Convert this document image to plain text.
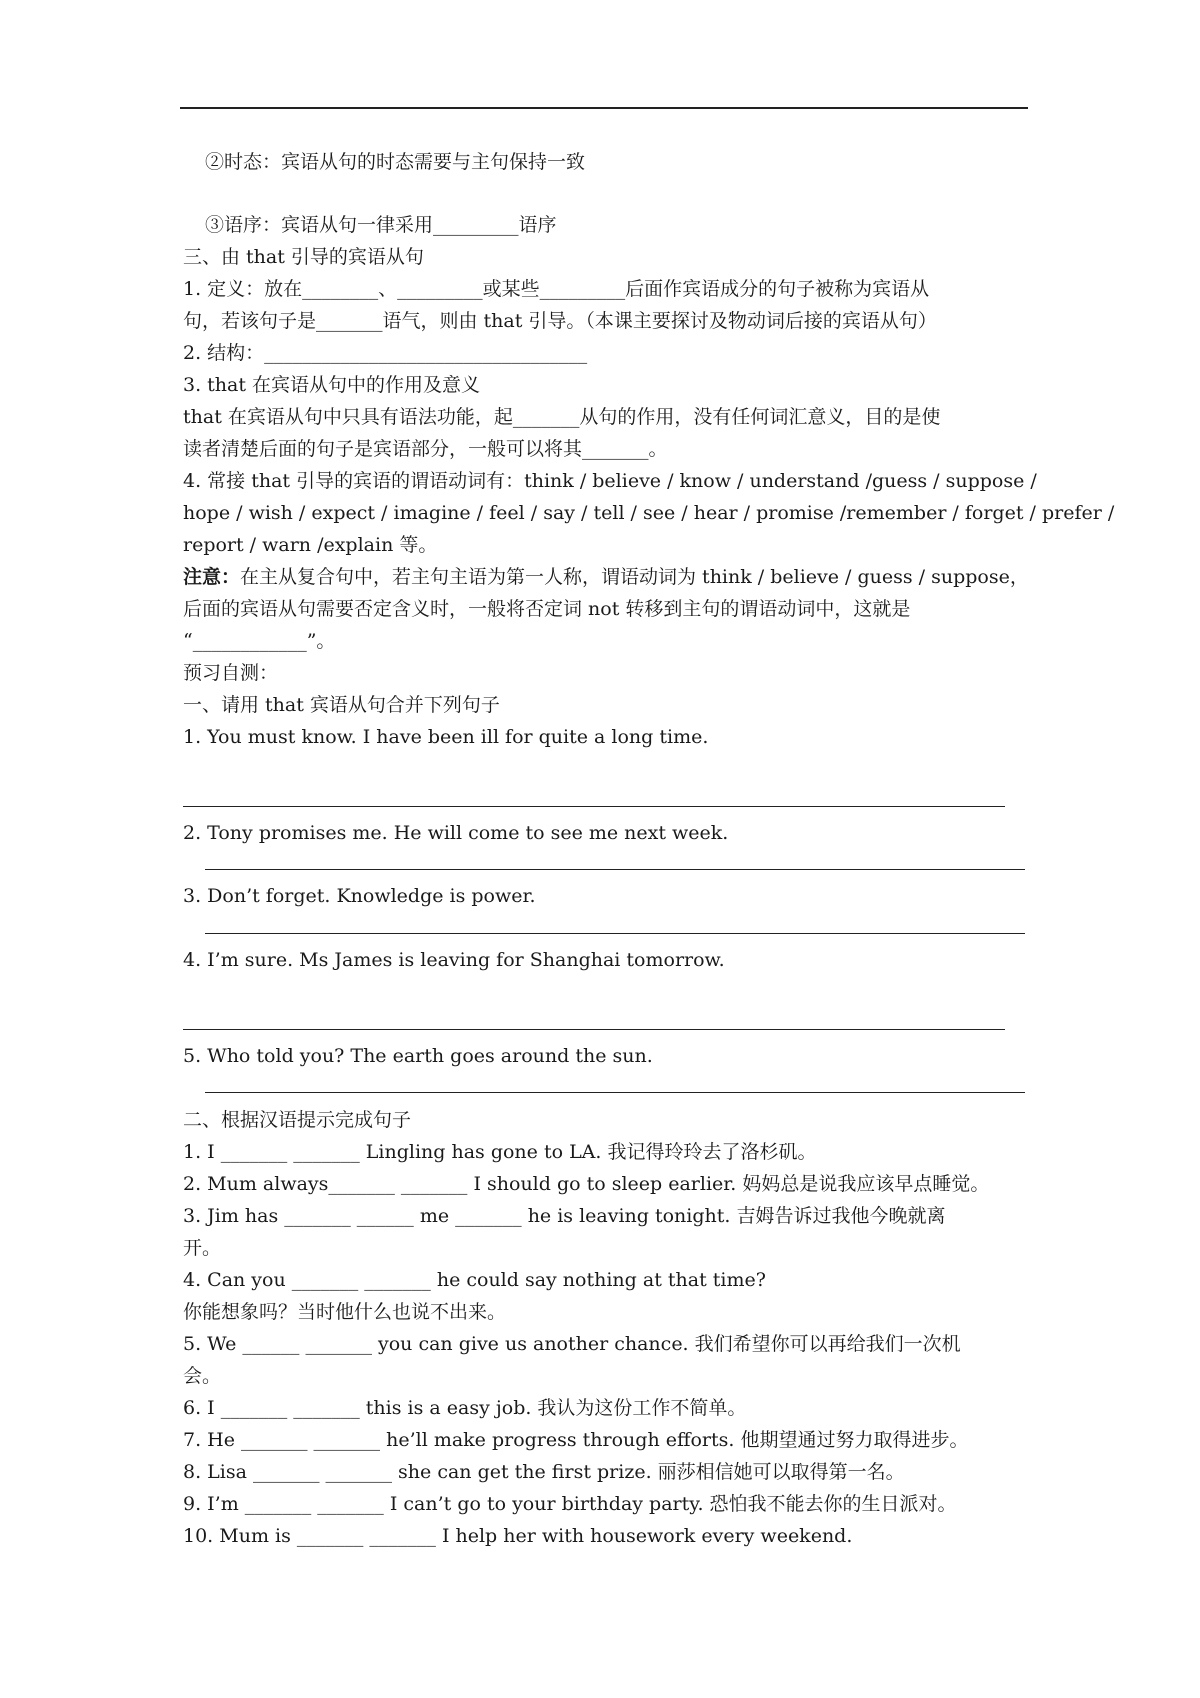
②时态：宾语从句的时态需要与主句保持一致
③语序：宾语从句一律采用_________语序
三、由 that 引导的宾语从句
1. 定义：放在________、_________或某些_________后面作宾语成分的句子被称为宾语从
句，若该句子是_______语气，则由 that 引导。（本课主要探讨及物动词后接的宾语从句）
2. 结构：__________________________________
3. that 在宾语从句中的作用及意义
that 在宾语从句中只具有语法功能，起_______从句的作用，没有任何词汇意义，目的是使
读者清楚后面的句子是宾语部分，一般可以将其_______。
4. 常接 that 引导的宾语的谓语动词有：think / believe / know / understand /guess / suppose /
hope / wish / expect / imagine / feel / say / tell / see / hear / promise /remember / forget / prefer /
report / warn /explain 等。
注意：在主从复合句中，若主句主语为第一人称，谓语动词为 think / believe / guess / suppose，
后面的宾语从句需要否定含义时，一般将否定词 not 转移到主句的谓语动词中，这就是
“____________”。
预习自测：
一、请用 that 宾语从句合并下列句子
1. You must know. I have been ill for quite a long time.
2. Tony promises me. He will come to see me next week.
3. Don’t forget. Knowledge is power.
4. I’m sure. Ms James is leaving for Shanghai tomorrow.
5. Who told you? The earth goes around the sun.
二、根据汉语提示完成句子
1. I _______ _______ Lingling has gone to LA. 我记得玲玲去了洛杉矶。
2. Mum always_______ _______ I should go to sleep earlier. 妈妈总是说我应该早点睡觉。
3. Jim has _______ ______ me _______ he is leaving tonight. 吉姆告诉过我他今晚就离
开。
4. Can you _______ _______ he could say nothing at that time?
你能想象吗？当时他什么也说不出来。
5. We ______ _______ you can give us another chance. 我们希望你可以再给我们一次机
会。
6. I _______ _______ this is a easy job. 我认为这份工作不简单。
7. He _______ _______ he’ll make progress through efforts. 他期望通过努力取得进步。
8. Lisa _______ _______ she can get the first prize. 丽莎相信她可以取得第一名。
9. I’m _______ _______ I can’t go to your birthday party. 恐怕我不能去你的生日派对。
10. Mum is _______ _______ I help her with housework every weekend.
